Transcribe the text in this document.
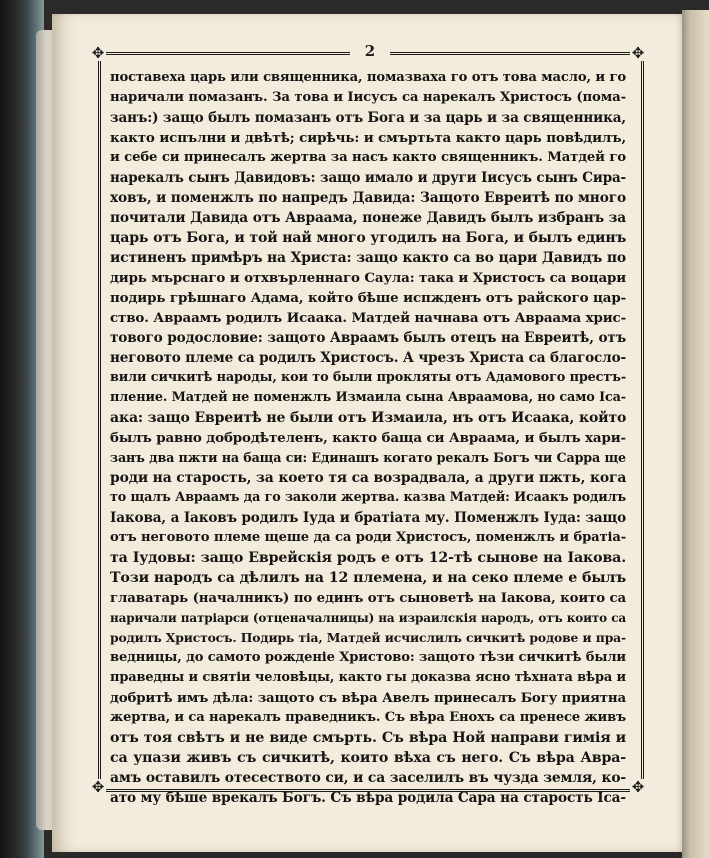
✥	✥
✥	✥
2
поставеха царь или священника, помазваха го отъ това масло, и го
наричали помазанъ. За това и Іисусъ са нарекалъ Христосъ (пома-
занъ:) защо былъ помазанъ отъ Бога и за царь и за священника,
както испълни и двѣтѣ; сирѣчь: и смъртьта както царь повѣдилъ,
и себе си принесалъ жертва за насъ както священникъ. Матдей го
нарекалъ сынъ Давидовъ: защо имало и други Іисусъ сынъ Сира-
ховъ, и поменжлъ по напредъ Давида: Защото Евреитѣ по много
почитали Давида отъ Авраама, понеже Давидъ былъ избранъ за
царь отъ Бога, и той най много угодилъ на Бога, и былъ единъ
истиненъ примѣръ на Христа: защо както са во цари Давидъ по
дирь мърснаго и отхвърленнаго Саула: така и Христосъ са воцари
подирь грѣшнаго Адама, който бѣше испжденъ отъ райского цар-
ство. Авраамъ родилъ Исаака. Матдей начнава отъ Авраама хрис-
тового родословие: защото Авраамъ былъ отецъ на Евреитѣ, отъ
неговото племе са родилъ Христосъ. А чрезъ Христа са благосло-
вили сичкитѣ народы, кои то были прокляты отъ Адамового престъ-
пление. Матдей не поменжлъ Измаила сына Авраамова, но само Іса-
ака: защо Евреитѣ не были отъ Измаила, нъ отъ Исаака, който
былъ равно добродѣтеленъ, както баща си Авраама, и былъ хари-
занъ два пжти на баща си: Единашъ когато рекалъ Богъ чи Сарра ще
роди на старость, за което тя са возрадвала, а други пжть, кога
то щалъ Авраамъ да го заколи жертва. казва Матдей: Исаакъ родилъ
Іакова, а Іаковъ родилъ Іуда и братіата му. Поменжлъ Іуда: защо
отъ неговото племе щеше да са роди Христосъ, поменжлъ и братіа-
та Іудовы: защо Еврейскія родъ е отъ 12-тѣ сынове на Іакова.
Този народъ са дѣлилъ на 12 племена, и на секо племе е былъ
главатарь (началникъ) по единъ отъ сыноветѣ на Іакова, които са
наричали патріарси (отценачалницы) на израилскія народъ, отъ които са
родилъ Христосъ. Подирь тіа, Матдей исчислилъ сичкитѣ родове и пра-
ведницы, до самото рожденіе Христово: защото тѣзи сичкитѣ были
праведны и святіи человѣцы, както гы доказва ясно тѣхната вѣра и
добритѣ имъ дѣла: защото съ вѣра Авелъ принесалъ Богу приятна
жертва, и са нарекалъ праведникъ. Съ вѣра Енохъ са пренесе живъ
отъ тоя свѣтъ и не виде смърть. Съ вѣра Ной направи гимія и
са упази живъ съ сичкитѣ, които вѣха съ него. Съ вѣра Авра-
амъ оставилъ отесеството си, и са заселилъ въ чузда земля, ко-
ато му бѣше врекалъ Богъ. Съ вѣра родила Сара на старость Іса-
